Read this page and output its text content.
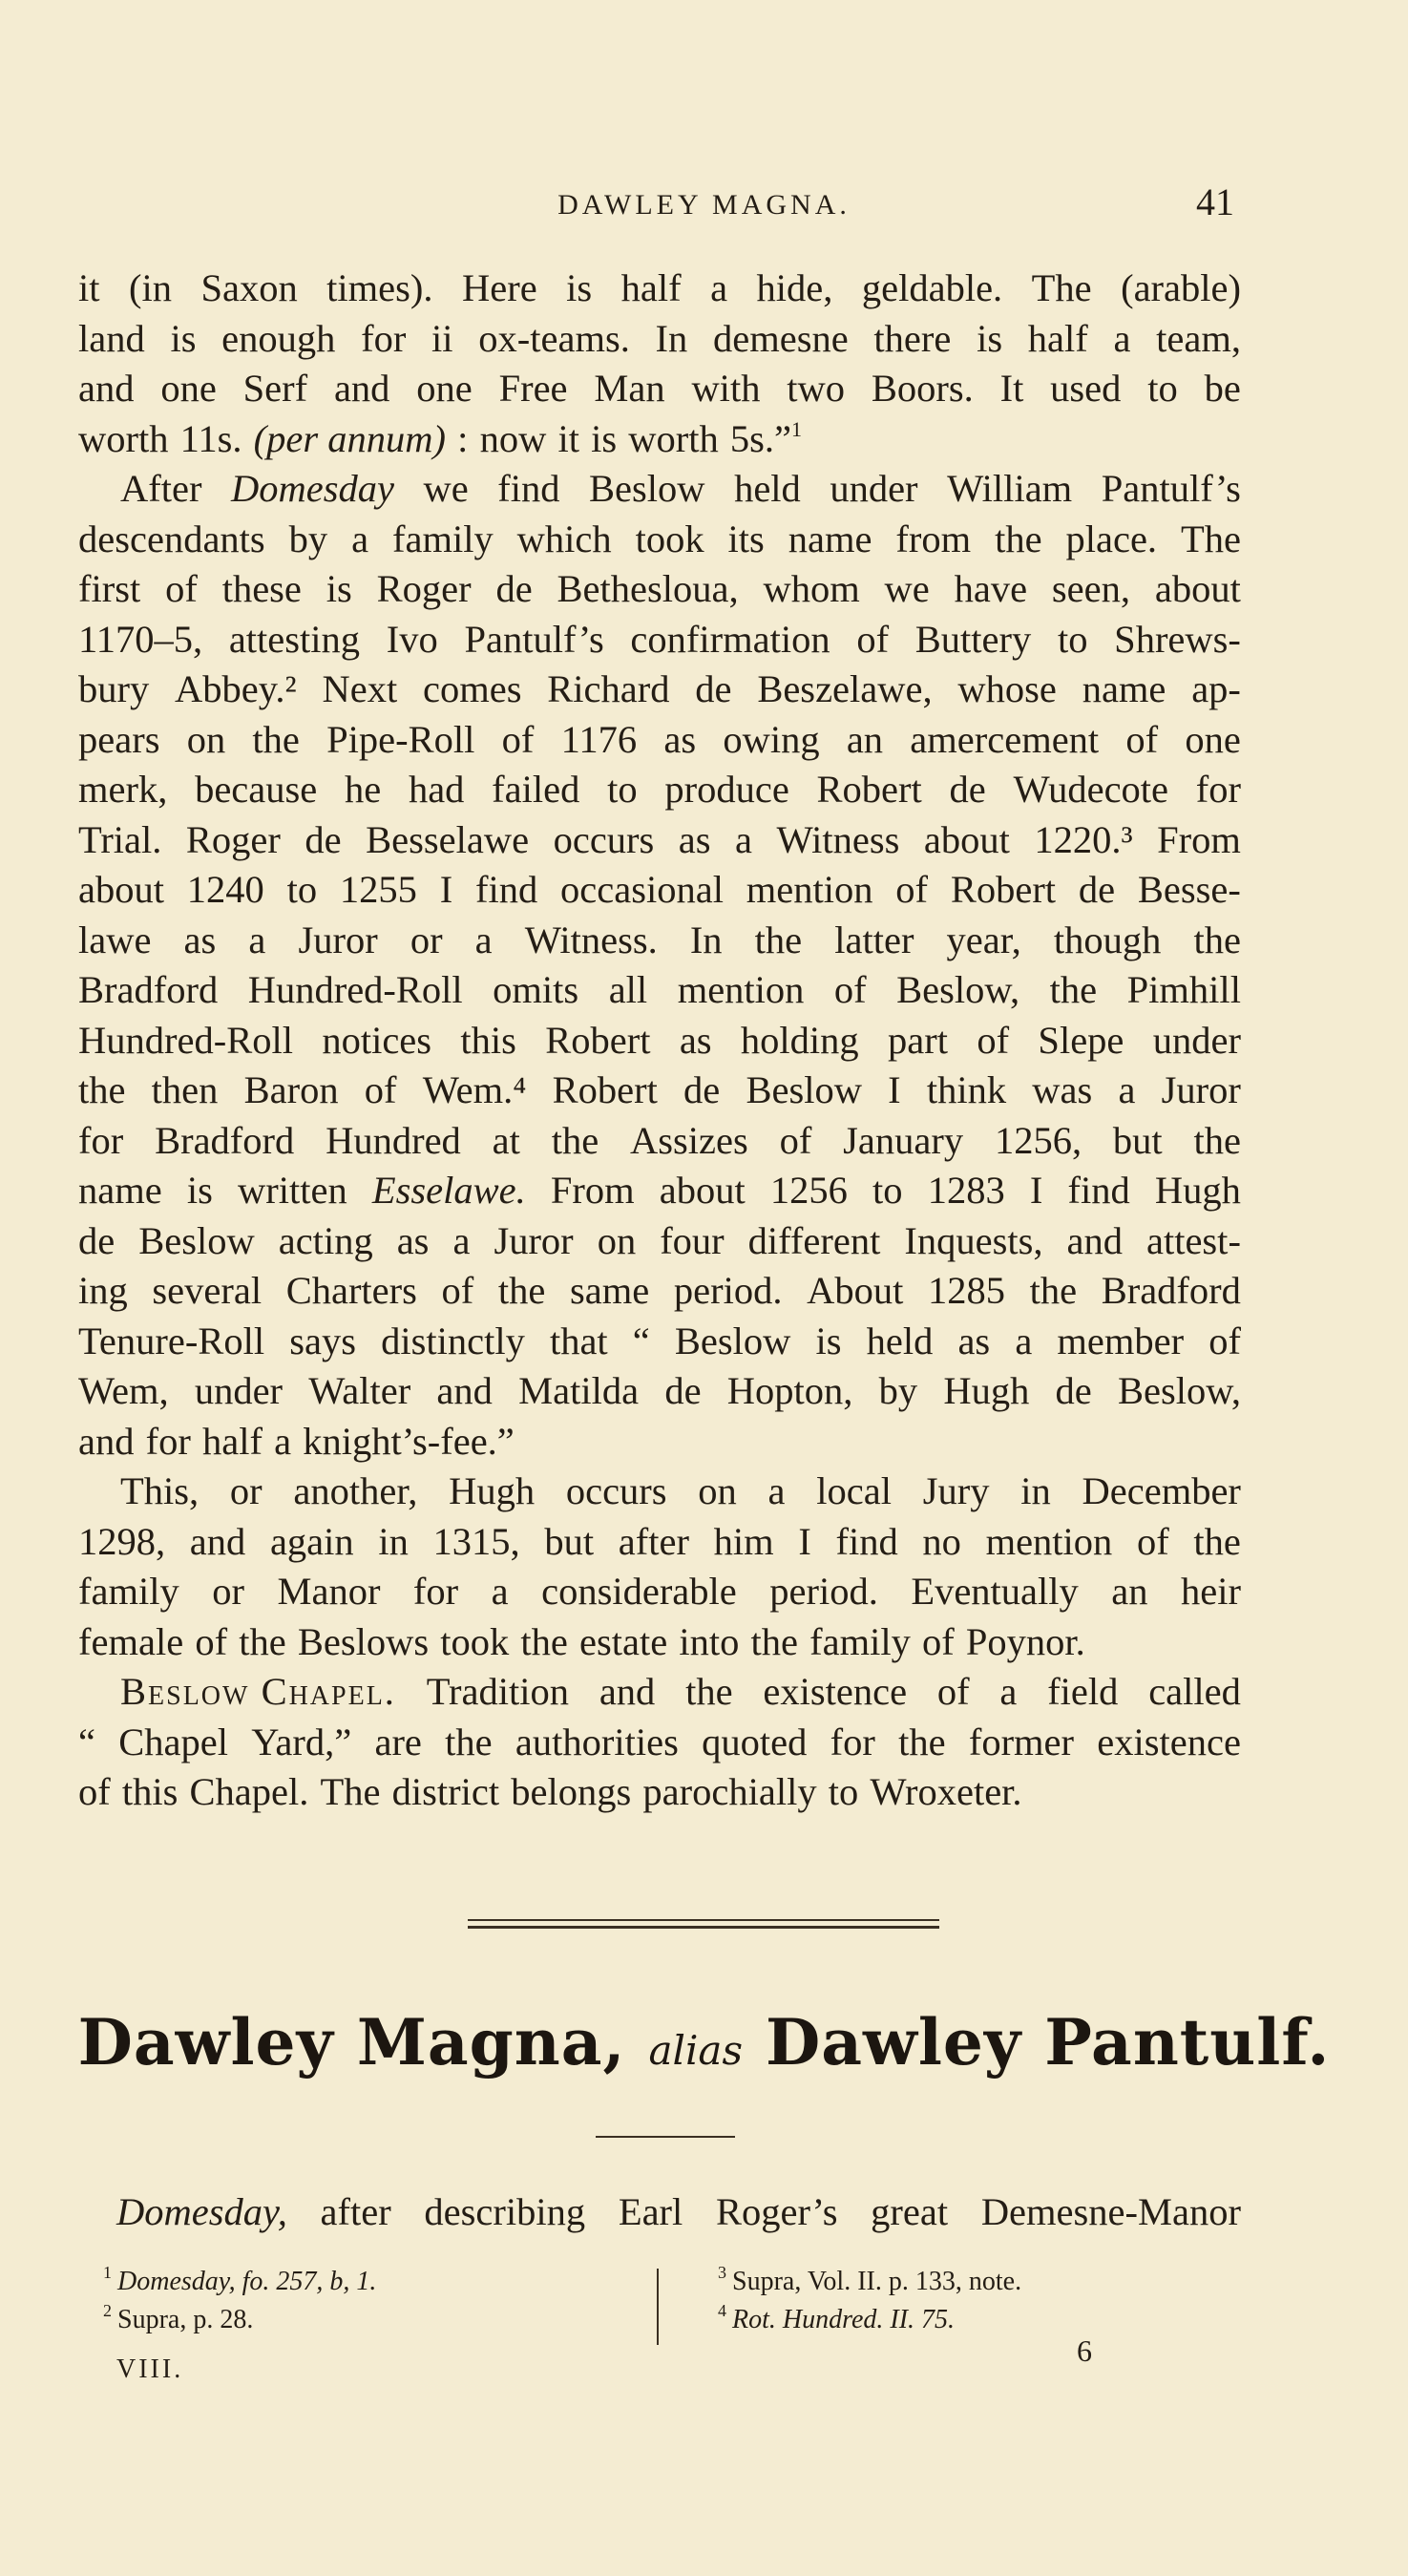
DAWLEY MAGNA.	41
it (in Saxon times). Here is half a hide, geldable. The (arable)
land is enough for ii ox-teams. In demesne there is half a team,
and one Serf and one Free Man with two Boors. It used to be
worth 11s. (per annum) : now it is worth 5s.”$^1$
After Domesday we find Beslow held under William Pantulf’s
descendants by a family which took its name from the place. The
first of these is Roger de Betheslouа, whom we have seen, about
1170–5, attesting Ivo Pantulf’s confirmation of Buttery to Shrews-
bury Abbey.² Next comes Richard de Beszelawe, whose name ap-
pears on the Pipe-Roll of 1176 as owing an amercement of one
merk, because he had failed to produce Robert de Wudecote for
Trial. Roger de Besselawe occurs as a Witness about 1220.³ From
about 1240 to 1255 I find occasional mention of Robert de Besse-
lawe as a Juror or a Witness. In the latter year, though the
Bradford Hundred-Roll omits all mention of Beslow, the Pimhill
Hundred-Roll notices this Robert as holding part of Slepe under
the then Baron of Wem.⁴ Robert de Beslow I think was a Juror
for Bradford Hundred at the Assizes of January 1256, but the
name is written Esselawe. From about 1256 to 1283 I find Hugh
de Beslow acting as a Juror on four different Inquests, and attest-
ing several Charters of the same period. About 1285 the Bradford
Tenure-Roll says distinctly that “ Beslow is held as a member of
Wem, under Walter and Matilda de Hopton, by Hugh de Beslow,
and for half a knight’s-fee.”
This, or another, Hugh occurs on a local Jury in December
1298, and again in 1315, but after him I find no mention of the
family or Manor for a considerable period. Eventually an heir
female of the Beslows took the estate into the family of Poynor.
Beslow Chapel. Tradition and the existence of a field called
“ Chapel Yard,” are the authorities quoted for the former existence
of this Chapel. The district belongs parochially to Wroxeter.
Dawley Magna, alias Dawley Pantulf.
Domesday, after describing Earl Roger’s great Demesne-Manor
$^1$ Domesday, fo. 257, b, 1.
$^2$ Supra, p. 28.
$^3$ Supra, Vol. II. p. 133, note.
$^4$ Rot. Hundred. II. 75.
VIII.
6
